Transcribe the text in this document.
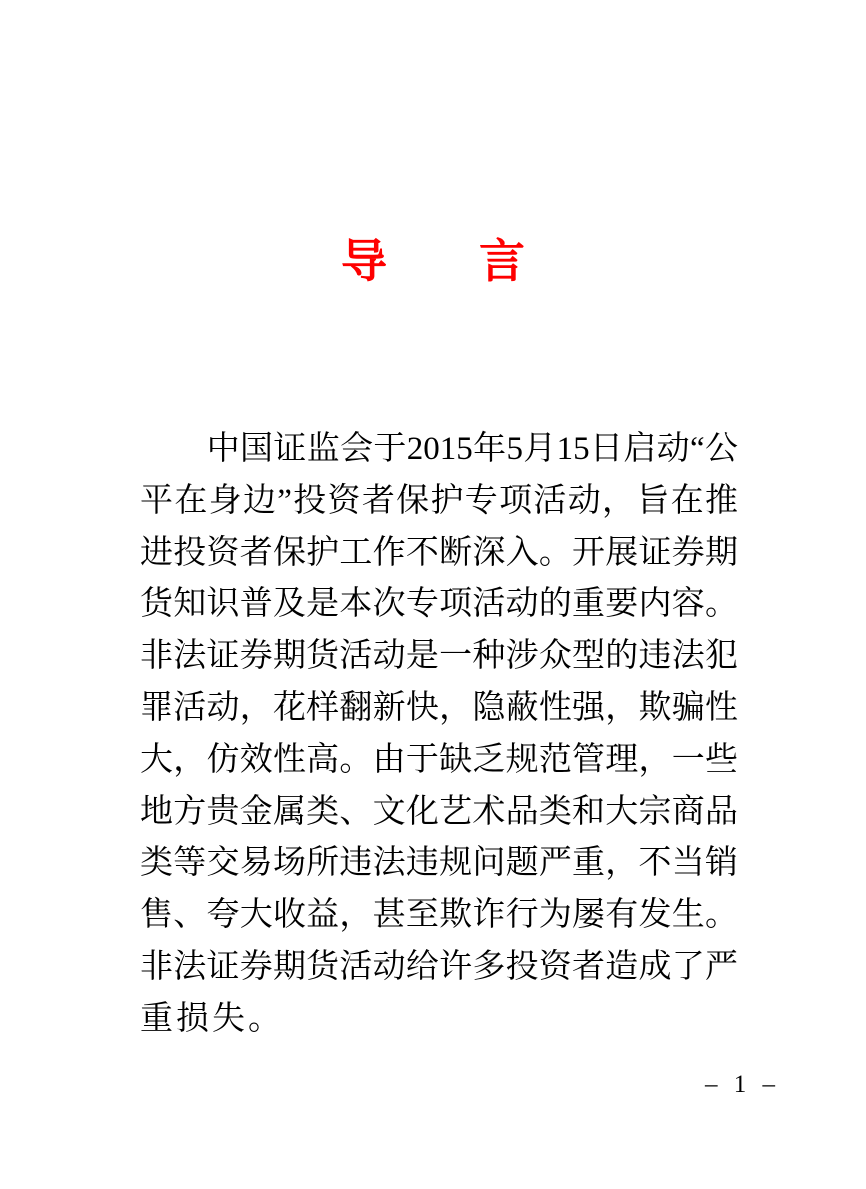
导　　言
　　中国证监会于2015年5月15日启动“公
平在身边”投资者保护专项活动，旨在推
进投资者保护工作不断深入。开展证券期
货知识普及是本次专项活动的重要内容。
非法证券期货活动是一种涉众型的违法犯
罪活动，花样翻新快，隐蔽性强，欺骗性
大，仿效性高。由于缺乏规范管理，一些
地方贵金属类、文化艺术品类和大宗商品
类等交易场所违法违规问题严重，不当销
售、夸大收益，甚至欺诈行为屡有发生。
非法证券期货活动给许多投资者造成了严
重损失。
– 1 –
